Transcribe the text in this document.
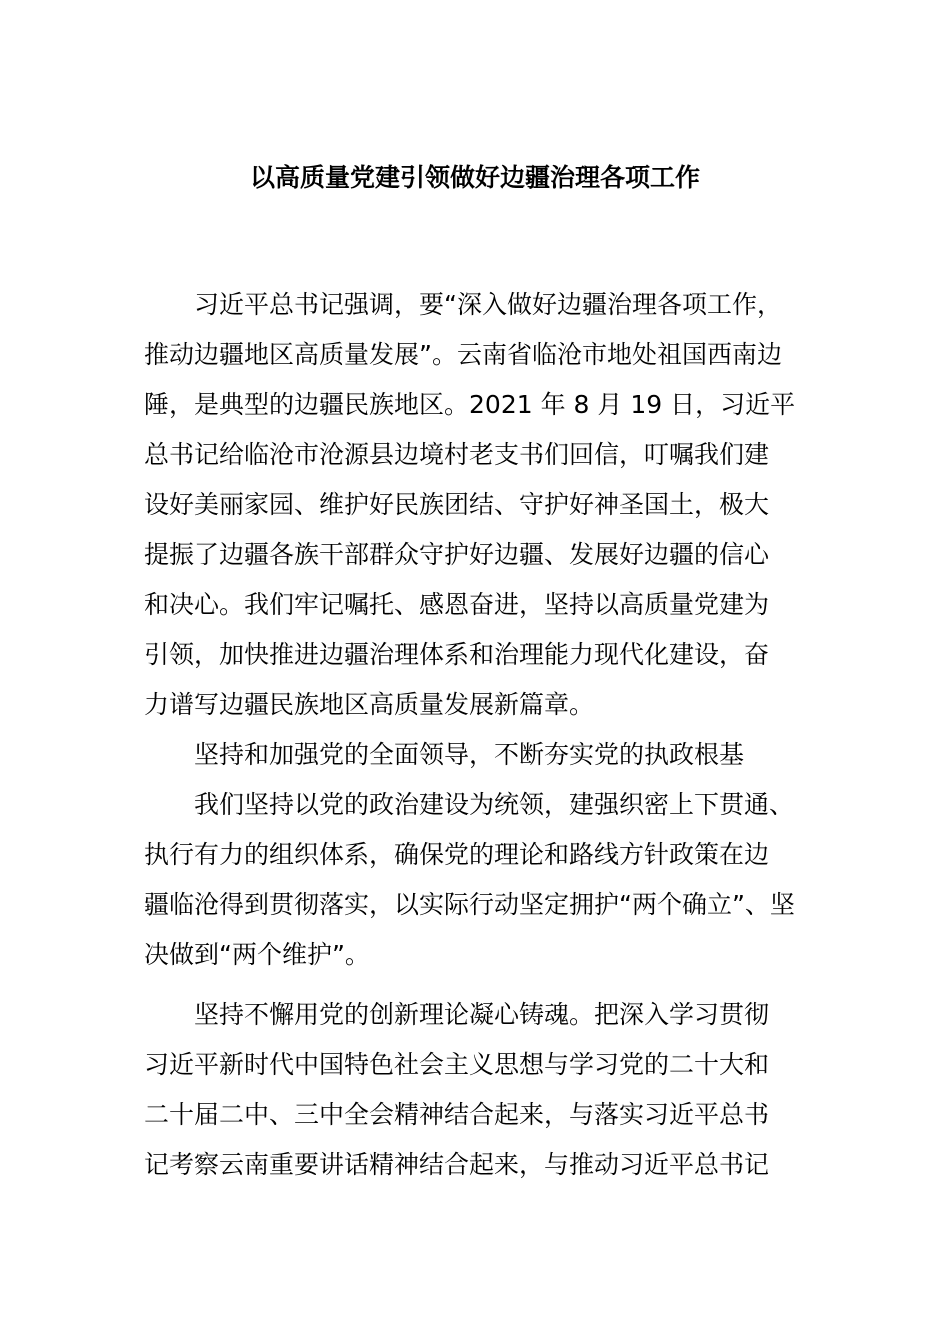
以高质量党建引领做好边疆治理各项工作

习近平总书记强调，要“深入做好边疆治理各项工作，

推动边疆地区高质量发展”。云南省临沧市地处祖国西南边

陲，是典型的边疆民族地区。2021 年 8 月 19 日，习近平

总书记给临沧市沧源县边境村老支书们回信，叮嘱我们建

设好美丽家园、维护好民族团结、守护好神圣国土，极大

提振了边疆各族干部群众守护好边疆、发展好边疆的信心

和决心。我们牢记嘱托、感恩奋进，坚持以高质量党建为

引领，加快推进边疆治理体系和治理能力现代化建设，奋

力谱写边疆民族地区高质量发展新篇章。

坚持和加强党的全面领导，不断夯实党的执政根基

我们坚持以党的政治建设为统领，建强织密上下贯通、

执行有力的组织体系，确保党的理论和路线方针政策在边

疆临沧得到贯彻落实，以实际行动坚定拥护“两个确立”、坚

决做到“两个维护”。

坚持不懈用党的创新理论凝心铸魂。把深入学习贯彻

习近平新时代中国特色社会主义思想与学习党的二十大和

二十届二中、三中全会精神结合起来，与落实习近平总书

记考察云南重要讲话精神结合起来，与推动习近平总书记
